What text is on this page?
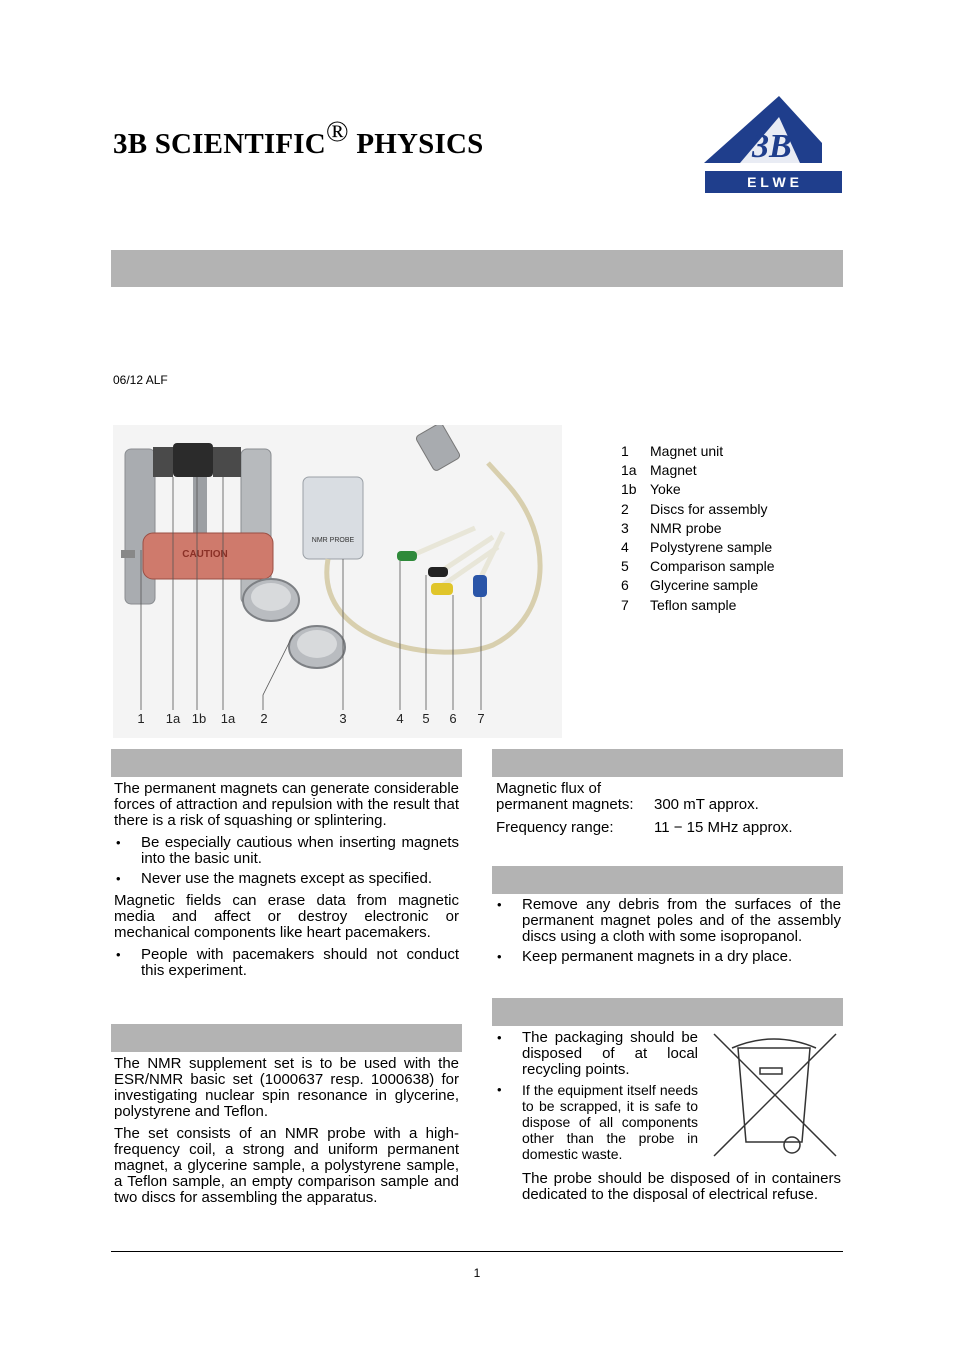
3B SCIENTIFIC® PHYSICS	3B
E L W E
06/12 ALF
CAUTION
NMR PROBE
1 1a 1b 1a 2	3	4 5 6 7
1	Magnet unit
1a Magnet
1b Yoke
2	Discs for assembly
3	NMR probe
4	Polystyrene sample
5	Comparison sample
6	Glycerine sample
7	Teflon sample

The permanent magnets can generate considerable forces of attraction and repulsion with the result that there is a risk of squashing or splintering.

• Be especially cautious when inserting magnets into the basic unit.
• Never use the magnets except as specified.

Magnetic fields can erase data from magnetic media and affect or destroy electronic or mechanical components like heart pacemakers.

• People with pacemakers should not conduct this experiment.

The NMR supplement set is to be used with the ESR/NMR basic set (1000637 resp. 1000638) for investigating nuclear spin resonance in glycerine, polystyrene and Teflon.

The set consists of an NMR probe with a high-frequency coil, a strong and uniform permanent magnet, a glycerine sample, a polystyrene sample, a Teflon sample, an empty comparison sample and two discs for assembling the apparatus.

Magnetic flux of
permanent magnets:	300 mT approx.
Frequency range:	11 − 15 MHz approx.
• Remove any debris from the surfaces of the permanent magnet poles and of the assembly discs using a cloth with some isopropanol.
• Keep permanent magnets in a dry place.
• The packaging should be disposed of at local recycling points.
• If the equipment itself needs to be scrapped, it is safe to dispose of all components other than the probe in domestic waste.
The probe should be disposed of in containers dedicated to the disposal of electrical refuse.
1
